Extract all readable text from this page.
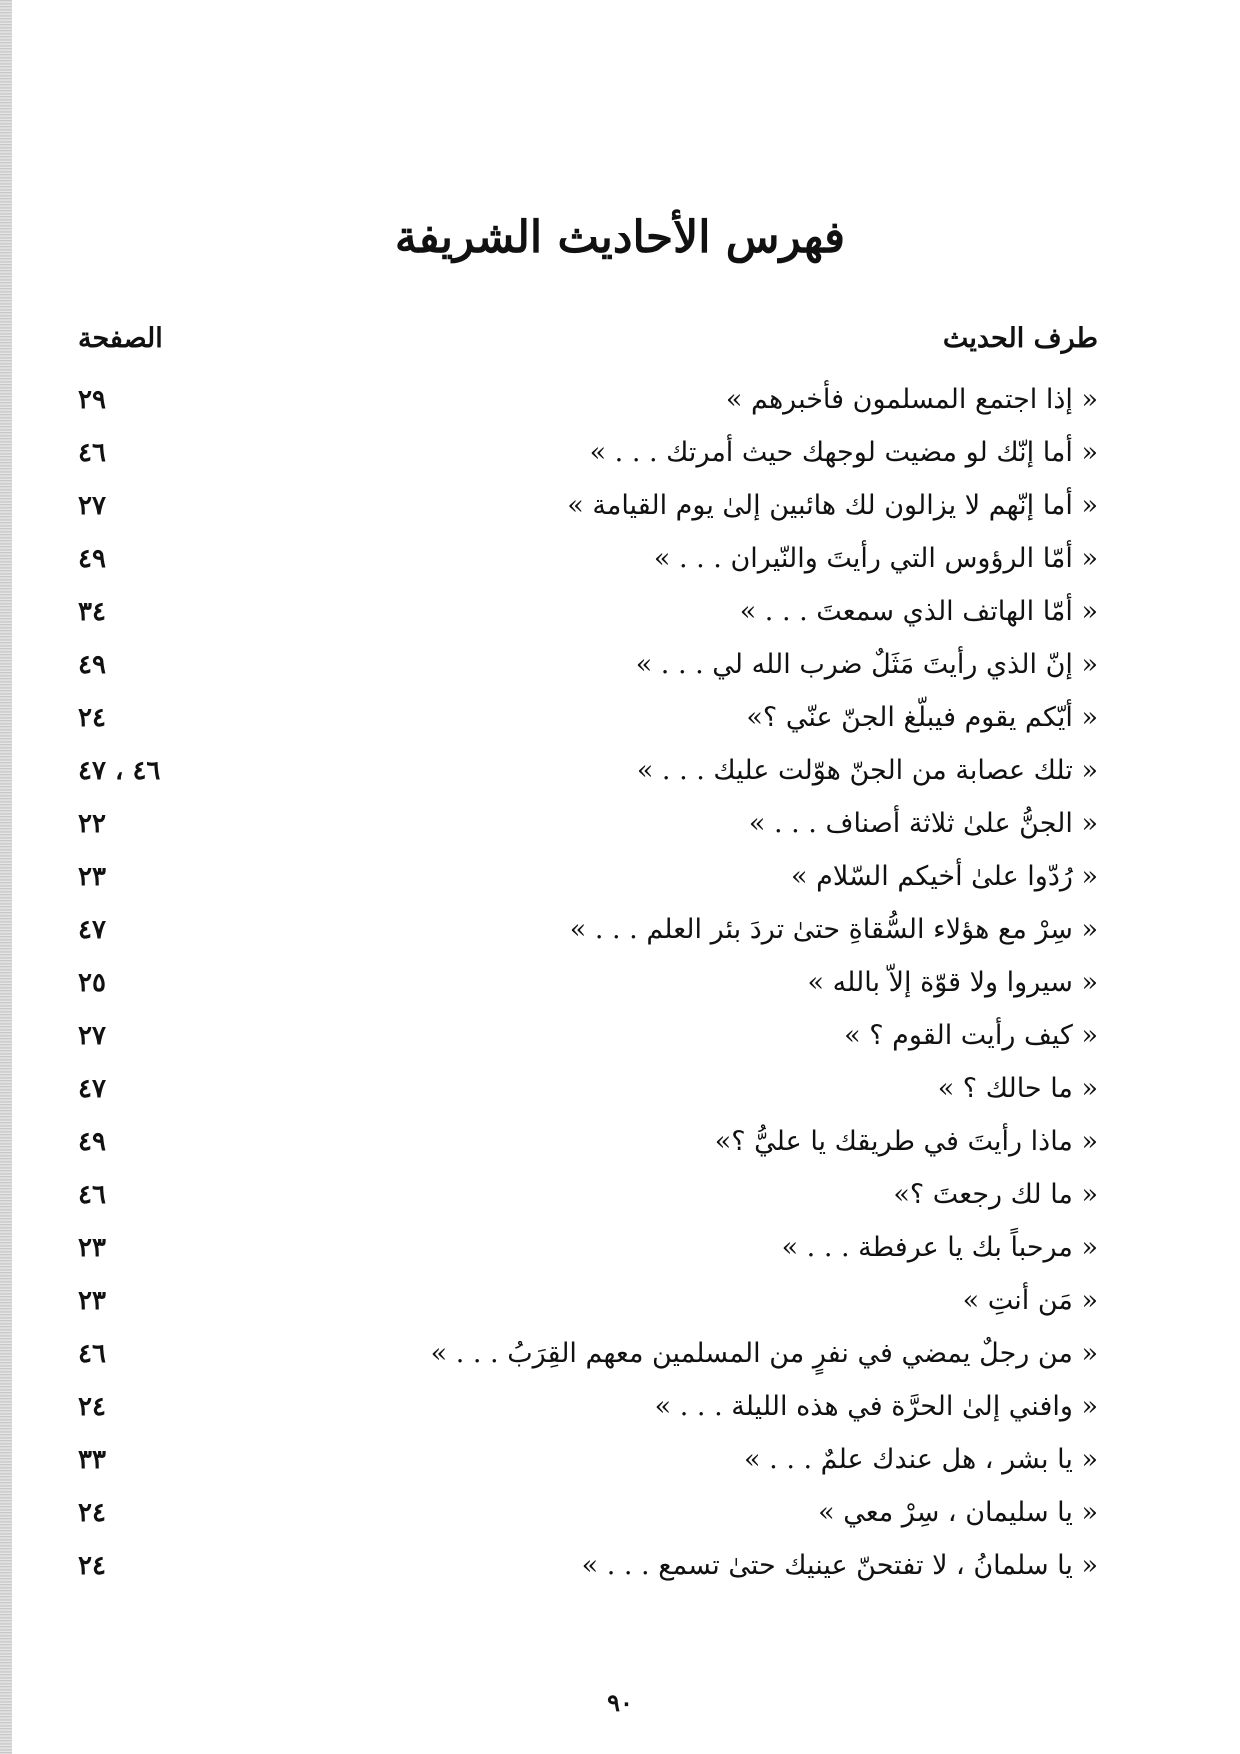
فهرس الأحاديث الشريفة
طرف الحديث
الصفحة
« إذا اجتمع المسلمون فأخبرهم »
٢٩
« أما إنّك لو مضيت لوجهك حيث أمرتك . . . »
٤٦
« أما إنّهم لا يزالون لك هائبين إلىٰ يوم القيامة »
٢٧
« أمّا الرؤوس التي رأيتَ والنّيران . . . »
٤٩
« أمّا الهاتف الذي سمعتَ . . . »
٣٤
« إنّ الذي رأيتَ مَثَلٌ ضرب الله لي . . . »
٤٩
« أيّكم يقوم فيبلّغ الجنّ عنّي ؟»
٢٤
« تلك عصابة من الجنّ هوّلت عليك . . . »
٤٦ ، ٤٧
« الجنُّ علىٰ ثلاثة أصناف . . . »
٢٢
« رُدّوا علىٰ أخيكم السّلام »
٢٣
« سِرْ مع هؤلاء السُّقاةِ حتىٰ تردَ بئر العلم . . . »
٤٧
« سيروا ولا قوّة إلاّ بالله »
٢٥
« كيف رأيت القوم ؟ »
٢٧
« ما حالك ؟ »
٤٧
« ماذا رأيتَ في طريقك يا عليُّ ؟»
٤٩
« ما لك رجعتَ ؟»
٤٦
« مرحباً بك يا عرفطة . . . »
٢٣
« مَن أنتِ »
٢٣
« من رجلٌ يمضي في نفرٍ من المسلمين معهم القِرَبُ . . . »
٤٦
« وافني إلىٰ الحرَّة في هذه الليلة . . . »
٢٤
« يا بشر ، هل عندك علمٌ . . . »
٣٣
« يا سليمان ، سِرْ معي »
٢٤
« يا سلمانُ ، لا تفتحنّ عينيك حتىٰ تسمع . . . »
٢٤
٩٠
